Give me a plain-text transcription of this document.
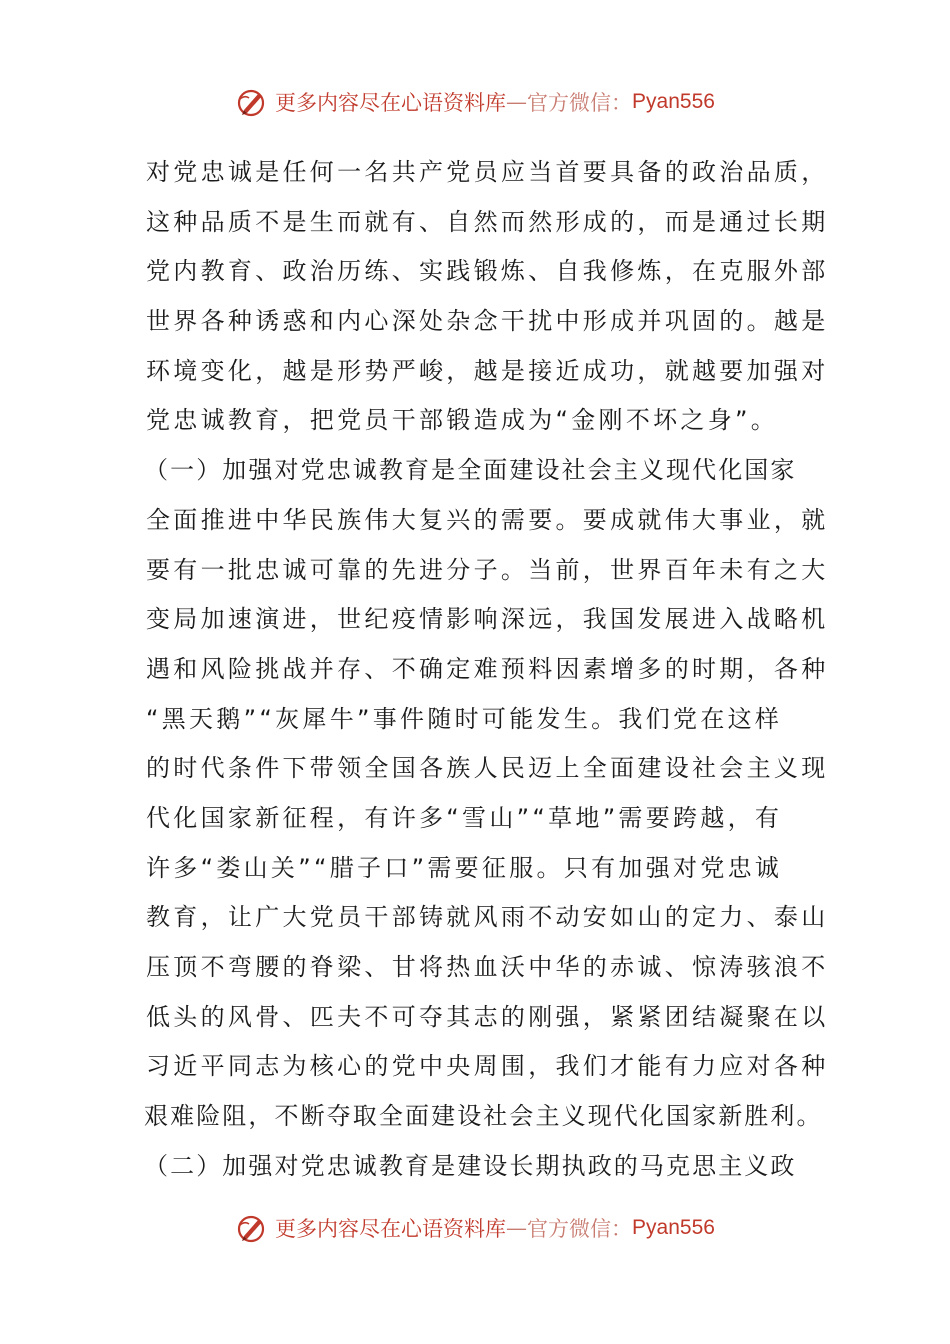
更多内容尽在心语资料库 — 官方微信： Pyan556
对党忠诚是任何一名共产党员应当首要具备的政治品质，
这种品质不是生而就有、自然而然形成的，而是通过长期
党内教育、政治历练、实践锻炼、自我修炼，在克服外部
世界各种诱惑和内心深处杂念干扰中形成并巩固的。越是
环境变化，越是形势严峻，越是接近成功，就越要加强对
党忠诚教育，把党员干部锻造成为“金刚不坏之身”。
（一）加强对党忠诚教育是全面建设社会主义现代化国家
全面推进中华民族伟大复兴的需要。要成就伟大事业，就
要有一批忠诚可靠的先进分子。当前，世界百年未有之大
变局加速演进，世纪疫情影响深远，我国发展进入战略机
遇和风险挑战并存、不确定难预料因素增多的时期，各种
“黑天鹅”“灰犀牛”事件随时可能发生。我们党在这样
的时代条件下带领全国各族人民迈上全面建设社会主义现
代化国家新征程，有许多“雪山”“草地”需要跨越，有
许多“娄山关”“腊子口”需要征服。只有加强对党忠诚
教育，让广大党员干部铸就风雨不动安如山的定力、泰山
压顶不弯腰的脊梁、甘将热血沃中华的赤诚、惊涛骇浪不
低头的风骨、匹夫不可夺其志的刚强，紧紧团结凝聚在以
习近平同志为核心的党中央周围，我们才能有力应对各种
艰难险阻，不断夺取全面建设社会主义现代化国家新胜利。
（二）加强对党忠诚教育是建设长期执政的马克思主义政
更多内容尽在心语资料库 — 官方微信： Pyan556
